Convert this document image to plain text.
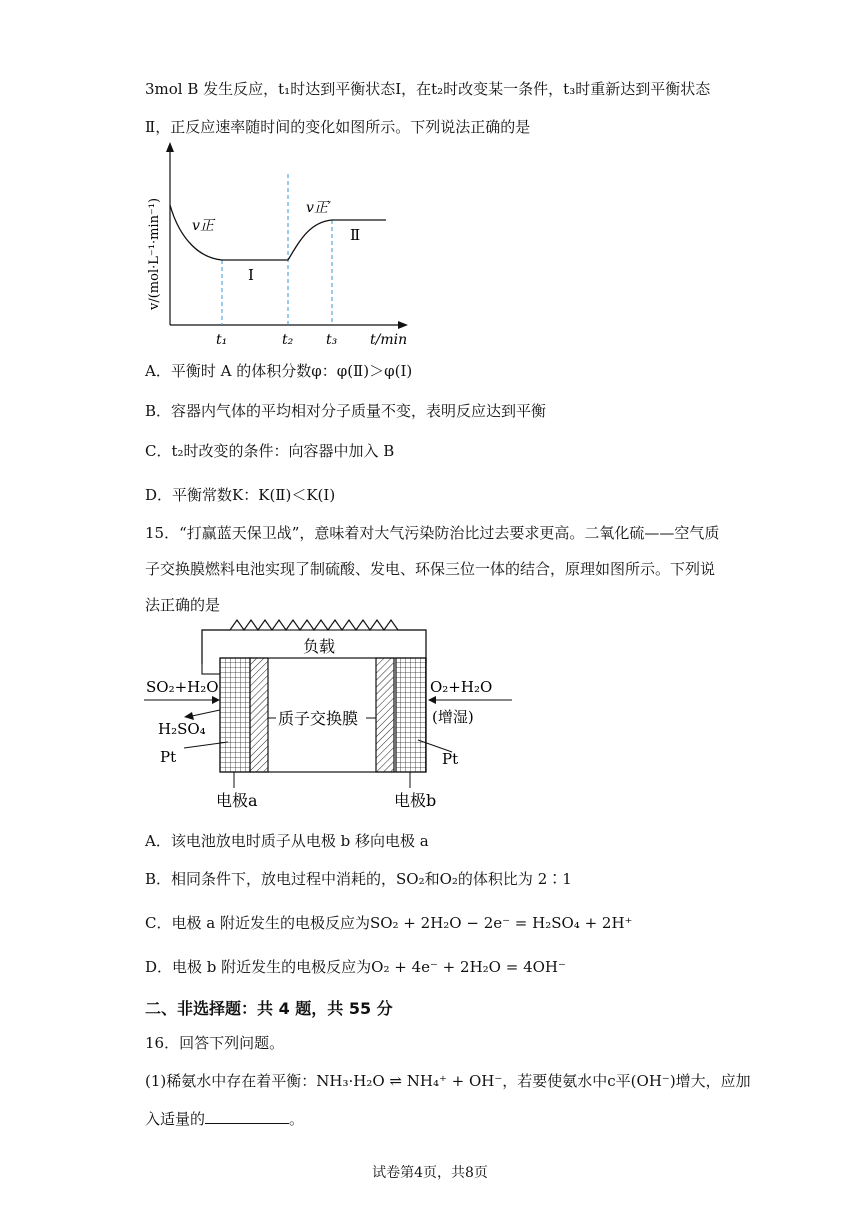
3mol B 发生反应，t₁时达到平衡状态Ⅰ，在t₂时改变某一条件，t₃时重新达到平衡状态
Ⅱ，正反应速率随时间的变化如图所示。下列说法正确的是
v正
v正′
Ⅰ
Ⅱ
t₁	t₂ t₃ t/min
v/(mol·L⁻¹·min⁻¹)
A．平衡时 A 的体积分数φ：φ(Ⅱ)＞φ(Ⅰ)
B．容器内气体的平均相对分子质量不变，表明反应达到平衡
C．t₂时改变的条件：向容器中加入 B
D．平衡常数K：K(Ⅱ)＜K(Ⅰ)
15．“打赢蓝天保卫战”，意味着对大气污染防治比过去要求更高。二氧化硫——空气质
子交换膜燃料电池实现了制硫酸、发电、环保三位一体的结合，原理如图所示。下列说
法正确的是
负载
质子交换膜
SO₂+H₂O
H₂SO₄
Pt
O₂+H₂O
(增湿)
Pt
电极a	电极b
A．该电池放电时质子从电极 b 移向电极 a
B．相同条件下，放电过程中消耗的，SO₂和O₂的体积比为 2∶1
C．电极 a 附近发生的电极反应为SO₂ + 2H₂O − 2e⁻ = H₂SO₄ + 2H⁺
D．电极 b 附近发生的电极反应为O₂ + 4e⁻ + 2H₂O = 4OH⁻
二、非选择题：共 4 题，共 55 分
16．回答下列问题。
(1)稀氨水中存在着平衡：NH₃·H₂O ⇌ NH₄⁺ + OH⁻，若要使氨水中c平(OH⁻)增大，应加
入适量的	。
试卷第4页，共8页
